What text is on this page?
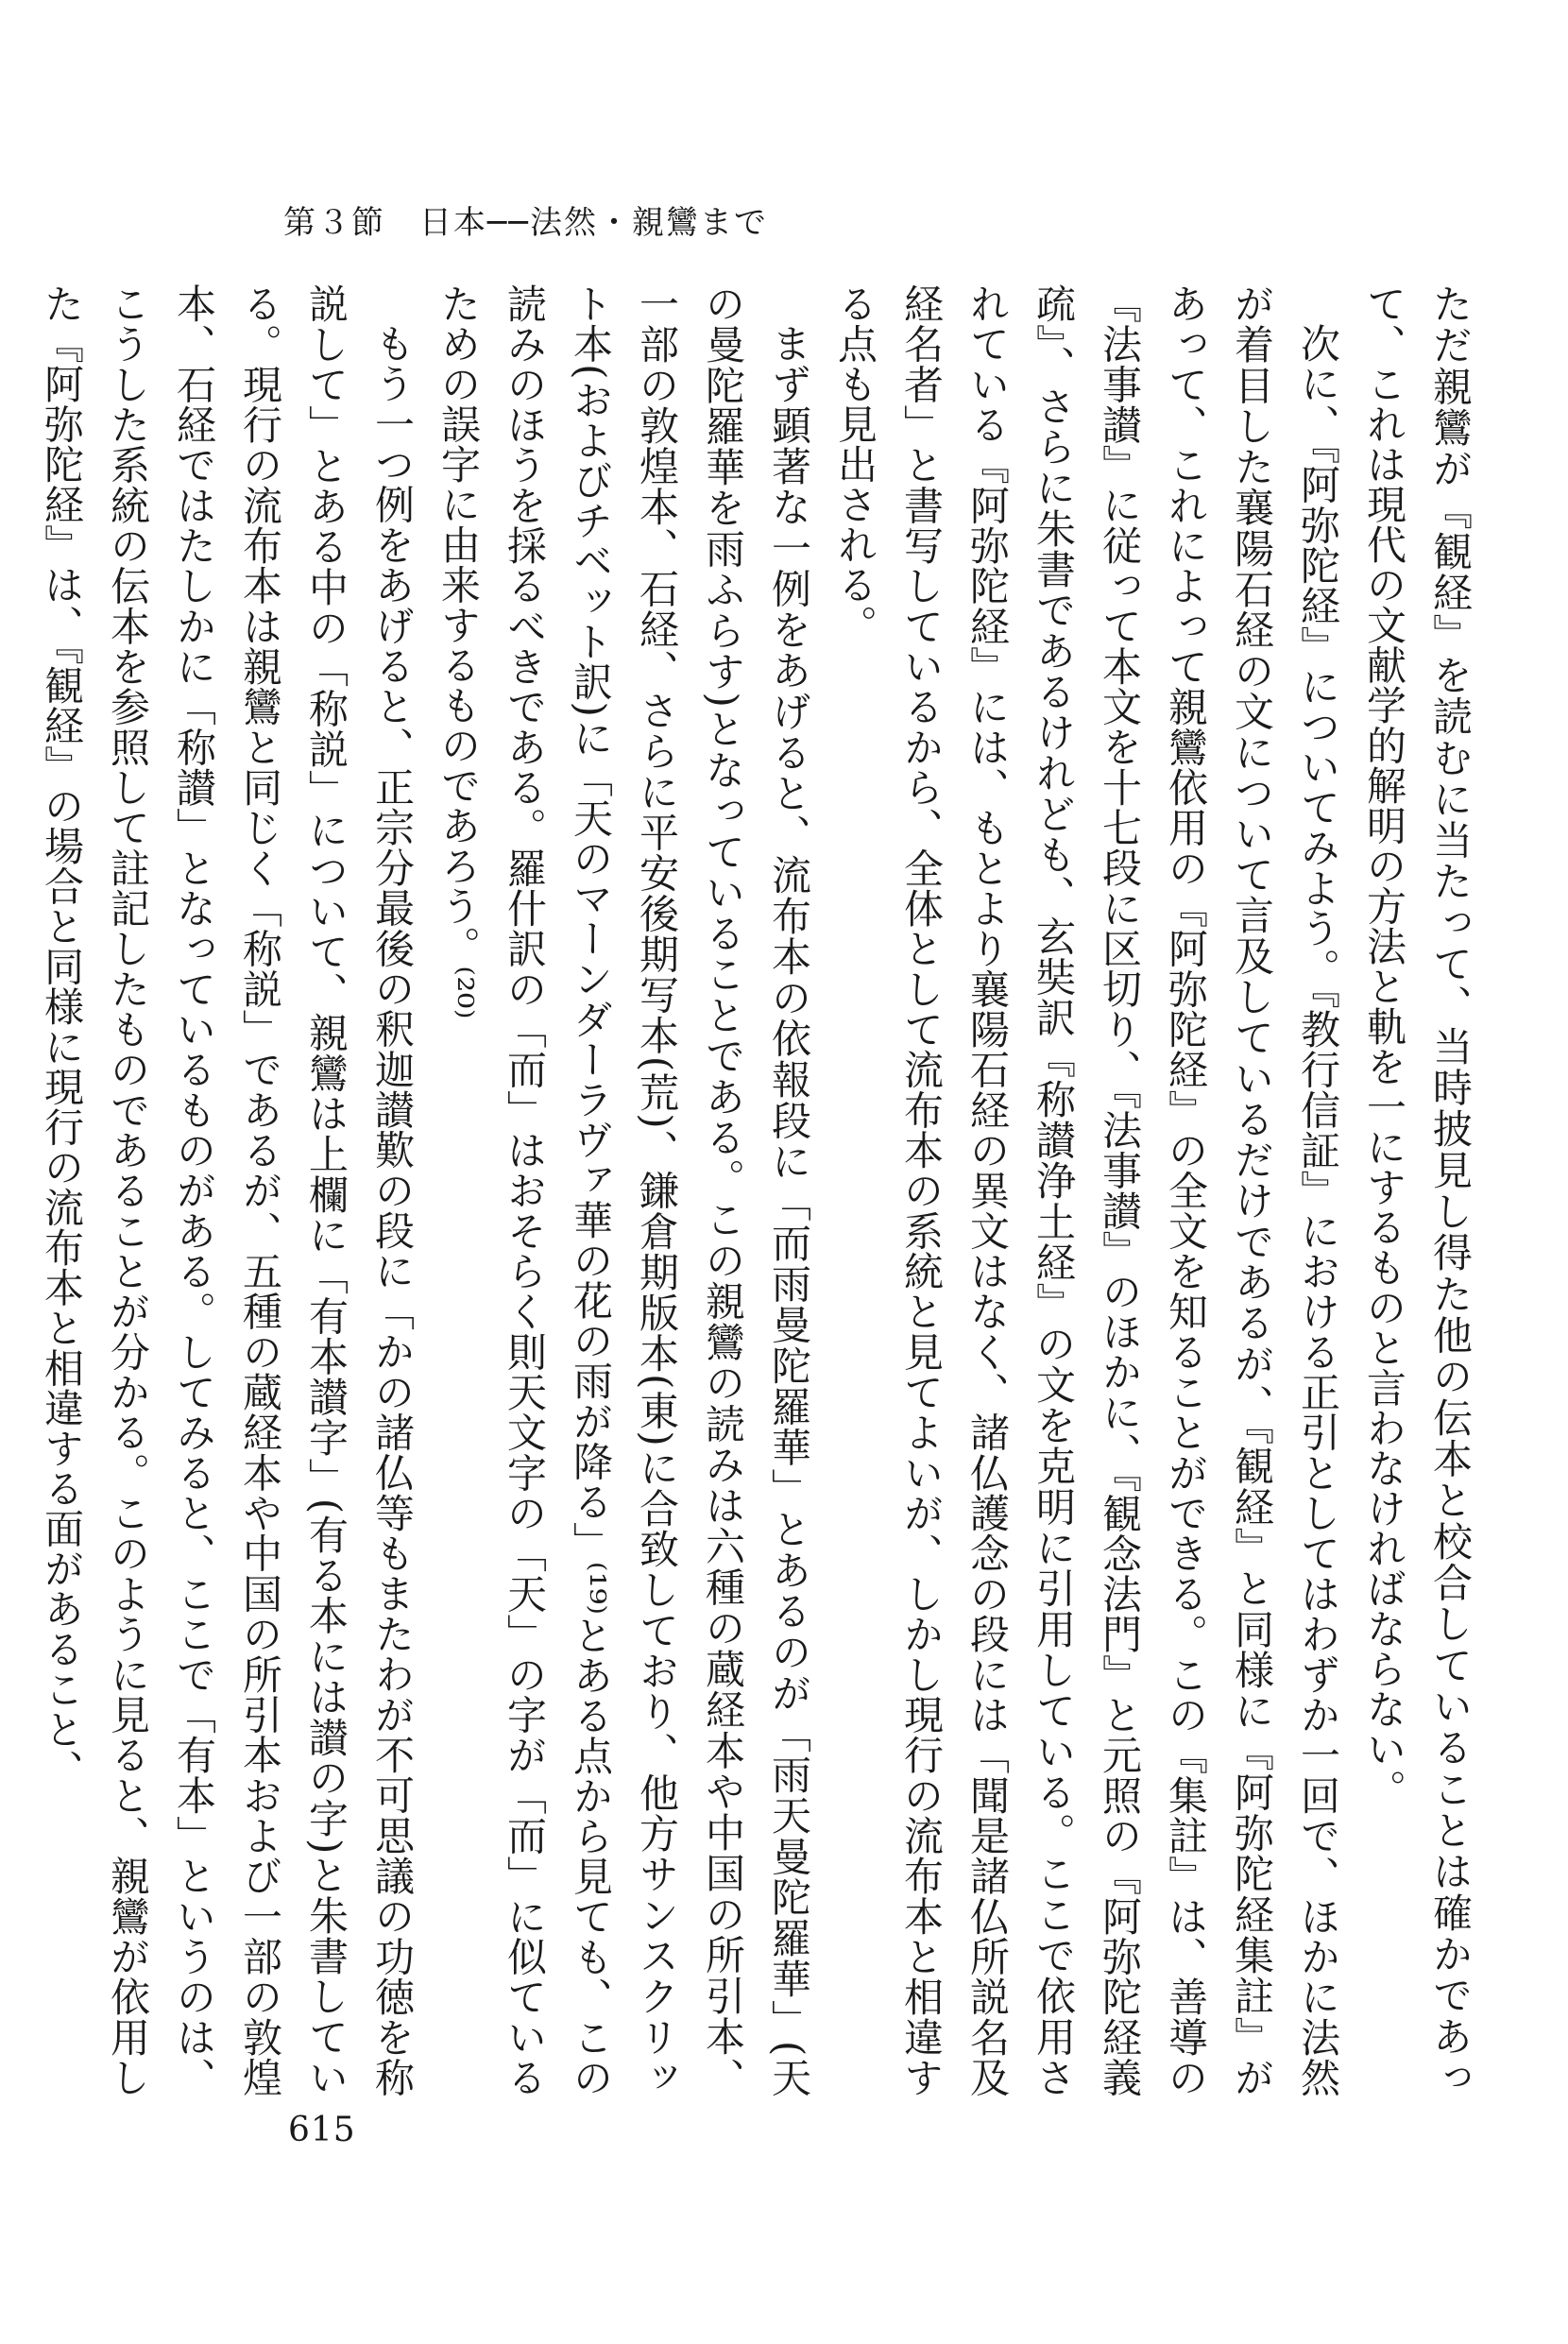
第３節　日本──法然・親鸞まで

ただ親鸞が『観経』を読むに当たって、当時披見し得た他の伝本と校合していることは確かであって、これは現代の文献学的解明の方法と軌を一にするものと言わなければならない。

次に、『阿弥陀経』についてみよう。『教行信証』における正引としてはわずか一回で、ほかに法然が着目した襄陽石経の文について言及しているだけであるが、『観経』と同様に『阿弥陀経集註』があって、これによって親鸞依用の『阿弥陀経』の全文を知ることができる。この『集註』は、善導の『法事讃』に従って本文を十七段に区切り、『法事讃』のほかに、『観念法門』と元照の『阿弥陀経義疏』、さらに朱書であるけれども、玄奘訳『称讃浄土経』の文を克明に引用している。ここで依用されている『阿弥陀経』には、もとより襄陽石経の異文はなく、諸仏護念の段には「聞是諸仏所説名及経名者」と書写しているから、全体として流布本の系統と見てよいが、しかし現行の流布本と相違する点も見出される。

まず顕著な一例をあげると、流布本の依報段に「而雨曼陀羅華」とあるのが「雨天曼陀羅華」(天の曼陀羅華を雨ふらす)となっていることである。この親鸞の読みは六種の蔵経本や中国の所引本、一部の敦煌本、石経、さらに平安後期写本(荒)、鎌倉期版本(東)に合致しており、他方サンスクリット本(およびチベット訳)に「天のマーンダーラヴァ華の花の雨が降る」⁽¹⁹⁾とある点から見ても、この読みのほうを採るべきである。羅什訳の「而」はおそらく則天文字の「天」の字が「而」に似ているための誤字に由来するものであろう。⁽²⁰⁾

もう一つ例をあげると、正宗分最後の釈迦讃歎の段に「かの諸仏等もまたわが不可思議の功徳を称説して」とある中の「称説」について、親鸞は上欄に「有本讃字」(有る本には讃の字)と朱書している。現行の流布本は親鸞と同じく「称説」であるが、五種の蔵経本や中国の所引本および一部の敦煌本、石経ではたしかに「称讃」となっているものがある。してみると、ここで「有本」というのは、こうした系統の伝本を参照して註記したものであることが分かる。このように見ると、親鸞が依用した『阿弥陀経』は、『観経』の場合と同様に現行の流布本と相違する面があること、

615
